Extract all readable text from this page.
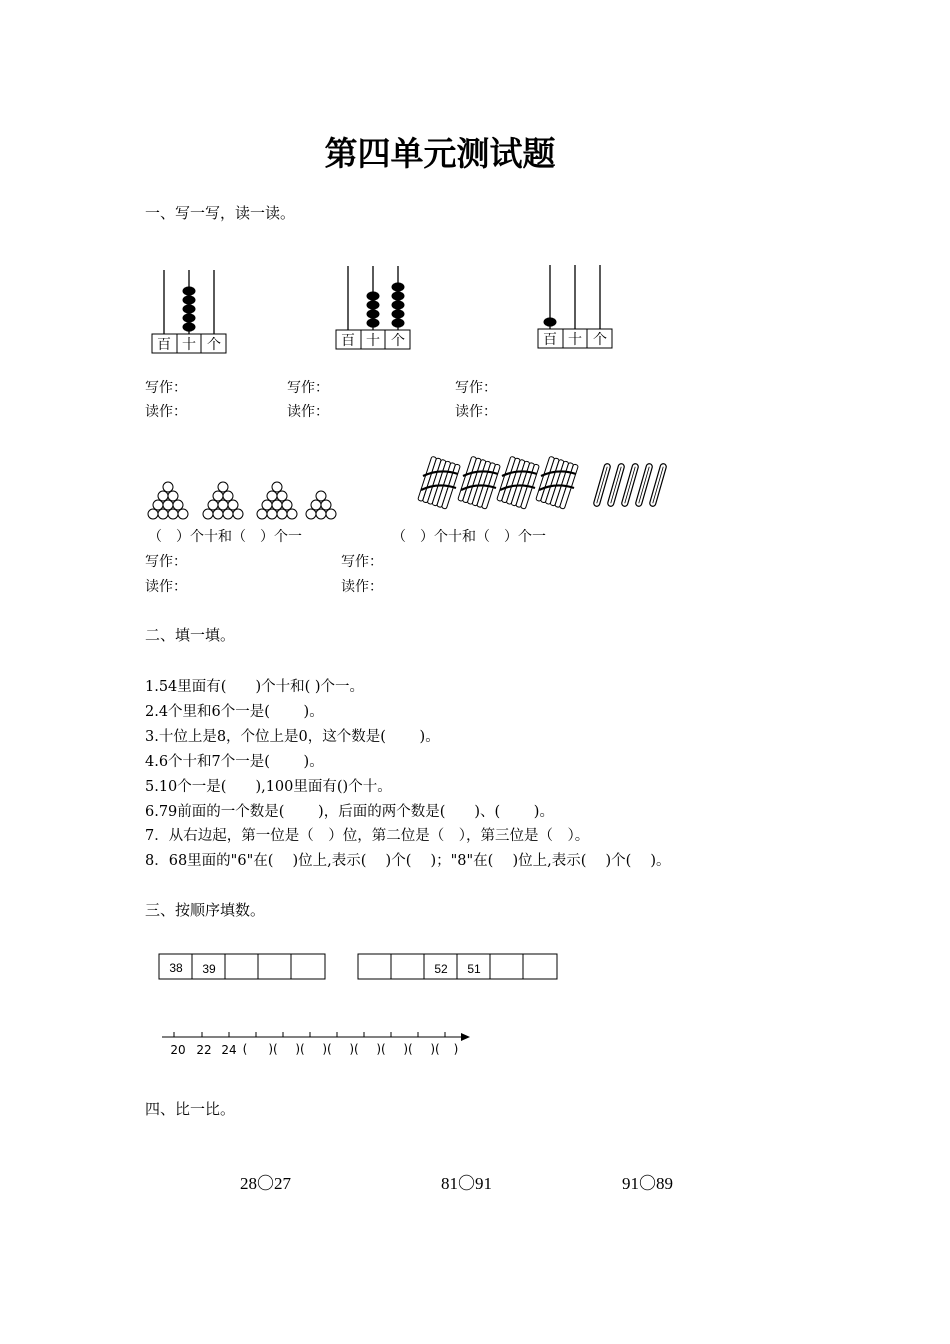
第四单元测试题
一、写一写，读一读。
百 十 个	百 十 个	百 十 个
写作：	写作：	写作：
读作：	读作：	读作：
（　）个十和（　）个一	（　）个十和（　）个一
写作：	写作：
读作：	读作：
二、填一填。
1.54里面有(　　)个十和( )个一。
2.4个里和6个一是(　　 )。
3.十位上是8，个位上是0，这个数是(　　 )。
4.6个十和7个一是(　　 )。
5.10个一是(　　),100里面有()个十。
6.79前面的一个数是(　　 )，后面的两个数是(　　)、(　　 )。
7．从右边起，第一位是（　）位，第二位是（　），第三位是（　）。
8．68里面的"6"在(　 )位上,表示(　 )个(　 )；"8"在(　 )位上,表示(　 )个(　 )。
三、按顺序填数。
38 39	52 51
20 22 24 ( )( )( )( )( )( )( )( )
四、比一比。
28〇27	81〇91	91〇89
